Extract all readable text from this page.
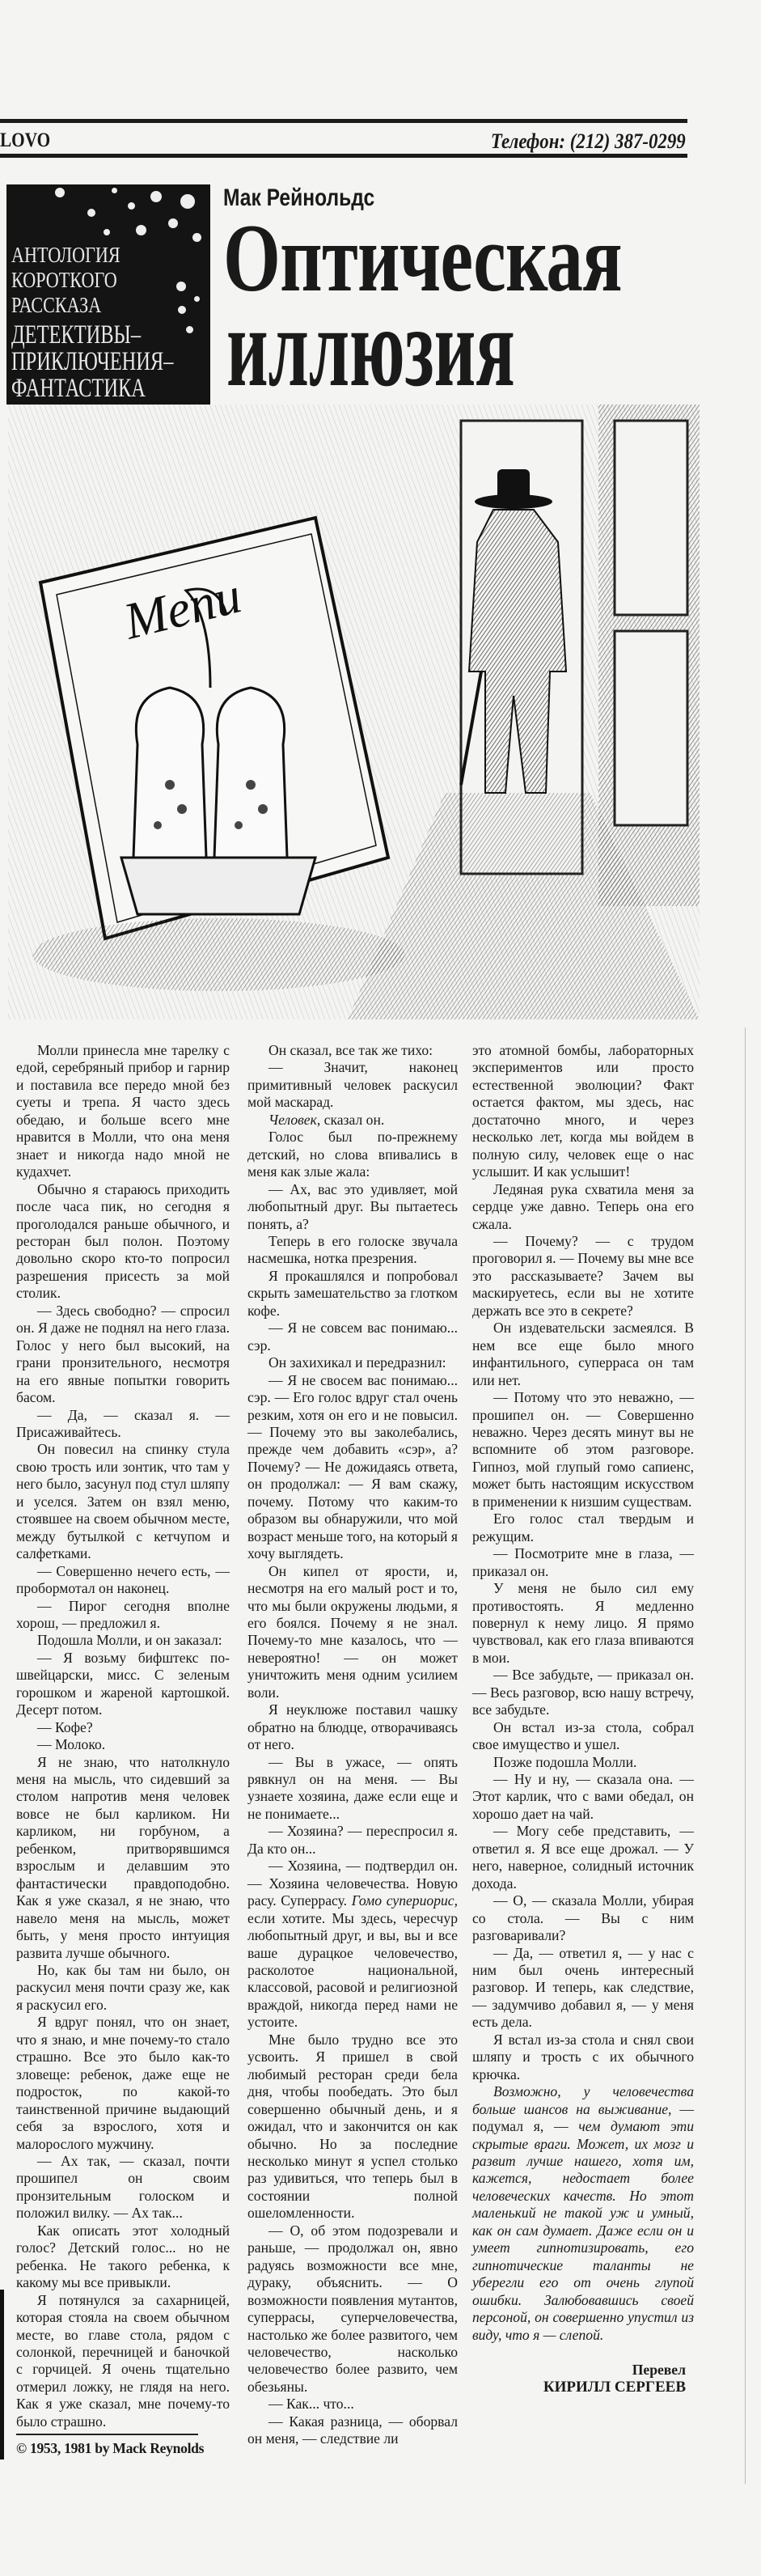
LOVO	Телефон: (212) 387-0299
АНТОЛОГИЯ
КОРОТКОГО
РАССКАЗА
ДЕТЕКТИВЫ–
ПРИКЛЮЧЕНИЯ–
ФАНТАСТИКА
Мак Рейнольдс
Оптическая
иллюзия
Menu

Молли принесла мне тарелку с едой, серебряный прибор и гарнир и поставила все передо мной без суеты и трепа. Я часто здесь обедаю, и больше всего мне нравится в Молли, что она меня знает и никогда надо мной не кудахчет.

Обычно я стараюсь приходить после часа пик, но сегодня я проголодался раньше обычного, и ресторан был полон. Поэтому довольно скоро кто-то попросил разрешения присесть за мой столик.

— Здесь свободно? — спросил он. Я даже не поднял на него глаза. Голос у него был высокий, на грани пронзительного, несмотря на его явные попытки говорить басом.

— Да, — сказал я. — Присаживайтесь.

Он повесил на спинку стула свою трость или зонтик, что там у него было, засунул под стул шляпу и уселся. Затем он взял меню, стоявшее на своем обычном месте, между бутылкой с кетчупом и салфетками.

— Совершенно нечего есть, — пробормотал он наконец.

— Пирог сегодня вполне хорош, — предложил я.

Подошла Молли, и он заказал:

— Я возьму бифштекс по-швейцарски, мисс. С зеленым горошком и жареной картошкой. Десерт потом.

— Кофе?

— Молоко.

Я не знаю, что натолкнуло меня на мысль, что сидевший за столом напротив меня человек вовсе не был карликом. Ни карликом, ни горбуном, а ребенком, притворявшимся взрослым и делавшим это фантастически правдоподобно. Как я уже сказал, я не знаю, что навело меня на мысль, может быть, у меня просто интуиция развита лучше обычного.

Но, как бы там ни было, он раскусил меня почти сразу же, как я раскусил его.

Я вдруг понял, что он знает, что я знаю, и мне почему-то стало страшно. Все это было как-то зловеще: ребенок, даже еще не подросток, по какой-то таинственной причине выдающий себя за взрослого, хотя и малорослого мужчину.

— Ах так, — сказал, почти прошипел он своим пронзительным голоском и положил вилку. — Ах так...

Как описать этот холодный голос? Детский голос... но не ребенка. Не такого ребенка, к какому мы все привыкли.

Я потянулся за сахарницей, которая стояла на своем обычном месте, во главе стола, рядом с солонкой, перечницей и баночкой с горчицей. Я очень тщательно отмерил ложку, не глядя на него. Как я уже сказал, мне почему-то было страшно.

© 1953, 1981 by Mack Reynolds

Он сказал, все так же тихо:

— Значит, наконец примитивный человек раскусил мой маскарад.

Человек, сказал он.

Голос был по-прежнему детский, но слова впивались в меня как злые жала:

— Ах, вас это удивляет, мой любопытный друг. Вы пытаетесь понять, а?

Теперь в его голоске звучала насмешка, нотка презрения.

Я прокашлялся и попробовал скрыть замешательство за глотком кофе.

— Я не совсем вас понимаю... сэр.

Он захихикал и передразнил:

— Я не свосем вас понимаю... сэр. — Его голос вдруг стал очень резким, хотя он его и не повысил. — Почему это вы заколебались, прежде чем добавить «сэр», а? Почему? — Не дожидаясь ответа, он продолжал: — Я вам скажу, почему. Потому что каким-то образом вы обнаружили, что мой возраст меньше того, на который я хочу выглядеть.

Он кипел от ярости, и, несмотря на его малый рост и то, что мы были окружены людьми, я его боялся. Почему я не знал. Почему-то мне казалось, что — невероятно! — он может уничтожить меня одним усилием воли.

Я неуклюже поставил чашку обратно на блюдце, отворачиваясь от него.

— Вы в ужасе, — опять рявкнул он на меня. — Вы узнаете хозяина, даже если еще и не понимаете...

— Хозяина? — переспросил я. Да кто он...

— Хозяина, — подтвердил он. — Хозяина человечества. Новую расу. Суперрасу. Гомо супериорис, если хотите. Мы здесь, чересчур любопытный друг, и вы, вы и все ваше дурацкое человечество, расколотое национальной, классовой, расовой и религиозной враждой, никогда перед нами не устоите.

Мне было трудно все это усвоить. Я пришел в свой любимый ресторан среди бела дня, чтобы пообедать. Это был совершенно обычный день, и я ожидал, что и закончится он как обычно. Но за последние несколько минут я успел столько раз удивиться, что теперь был в состоянии полной ошеломленности.

— О, об этом подозревали и раньше, — продолжал он, явно радуясь возможности все мне, дураку, объяснить. — О возможности появления мутантов, суперрасы, суперчеловечества, настолько же более развитого, чем человечество, насколько человечество более развито, чем обезьяны.

— Как... что...

— Какая разница, — оборвал он меня, — следствие ли

это атомной бомбы, лабораторных экспериментов или просто естественной эволюции? Факт остается фактом, мы здесь, нас достаточно много, и через несколько лет, когда мы войдем в полную силу, человек еще о нас услышит. И как услышит!

Ледяная рука схватила меня за сердце уже давно. Теперь она его сжала.

— Почему? — с трудом проговорил я. — Почему вы мне все это рассказываете? Зачем вы маскируетесь, если вы не хотите держать все это в секрете?

Он издевательски засмеялся. В нем все еще было много инфантильного, суперраса он там или нет.

— Потому что это неважно, — прошипел он. — Совершенно неважно. Через десять минут вы не вспомните об этом разговоре. Гипноз, мой глупый гомо сапиенс, может быть настоящим искусством в применении к низшим существам.

Его голос стал твердым и режущим.

— Посмотрите мне в глаза, — приказал он.

У меня не было сил ему противостоять. Я медленно повернул к нему лицо. Я прямо чувствовал, как его глаза впиваются в мои.

— Все забудьте, — приказал он. — Весь разговор, всю нашу встречу, все забудьте.

Он встал из-за стола, собрал свое имущество и ушел.

Позже подошла Молли.

— Ну и ну, — сказала она. — Этот карлик, что с вами обедал, он хорошо дает на чай.

— Могу себе представить, — ответил я. Я все еще дрожал. — У него, наверное, солидный источник дохода.

— О, — сказала Молли, убирая со стола. — Вы с ним разговаривали?

— Да, — ответил я, — у нас с ним был очень интересный разговор. И теперь, как следствие, — задумчиво добавил я, — у меня есть дела.

Я встал из-за стола и снял свои шляпу и трость с их обычного крючка.

Возможно, у человечества больше шансов на выживание, — подумал я, — чем думают эти скрытые враги. Может, их мозг и развит лучше нашего, хотя им, кажется, недостает более человеческих качеств. Но этот маленький не такой уж и умный, как он сам думает. Даже если он и умеет гипнотизировать, его гипнотические таланты не уберегли его от очень глупой ошибки. Залюбовавшись своей персоной, он совершенно упустил из виду, что я — слепой.

Перевел
КИРИЛЛ СЕРГЕЕВ
